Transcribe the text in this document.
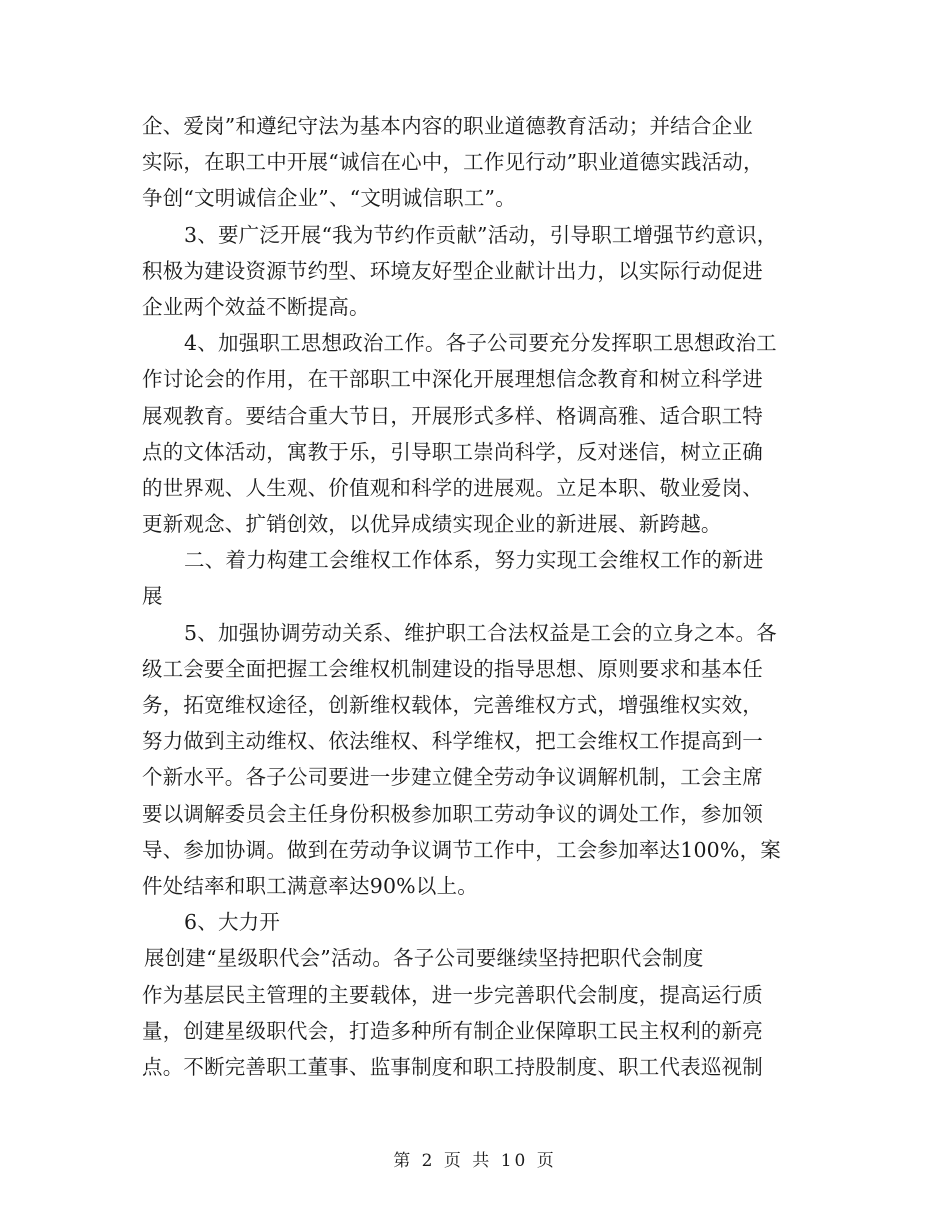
企、爱岗”和遵纪守法为基本内容的职业道德教育活动；并结合企业
实际，在职工中开展“诚信在心中，工作见行动”职业道德实践活动，
争创“文明诚信企业”、“文明诚信职工”。
3、要广泛开展“我为节约作贡献”活动，引导职工增强节约意识，
积极为建设资源节约型、环境友好型企业献计出力，以实际行动促进
企业两个效益不断提高。
4、加强职工思想政治工作。各子公司要充分发挥职工思想政治工
作讨论会的作用，在干部职工中深化开展理想信念教育和树立科学进
展观教育。要结合重大节日，开展形式多样、格调高雅、适合职工特
点的文体活动，寓教于乐，引导职工崇尚科学，反对迷信，树立正确
的世界观、人生观、价值观和科学的进展观。立足本职、敬业爱岗、
更新观念、扩销创效，以优异成绩实现企业的新进展、新跨越。
二、着力构建工会维权工作体系，努力实现工会维权工作的新进
展
5、加强协调劳动关系、维护职工合法权益是工会的立身之本。各
级工会要全面把握工会维权机制建设的指导思想、原则要求和基本任
务，拓宽维权途径，创新维权载体，完善维权方式，增强维权实效，
努力做到主动维权、依法维权、科学维权，把工会维权工作提高到一
个新水平。各子公司要进一步建立健全劳动争议调解机制，工会主席
要以调解委员会主任身份积极参加职工劳动争议的调处工作，参加领
导、参加协调。做到在劳动争议调节工作中，工会参加率达100%，案
件处结率和职工满意率达90%以上。
6、大力开
展创建“星级职代会”活动。各子公司要继续坚持把职代会制度
作为基层民主管理的主要载体，进一步完善职代会制度，提高运行质
量，创建星级职代会，打造多种所有制企业保障职工民主权利的新亮
点。不断完善职工董事、监事制度和职工持股制度、职工代表巡视制
第 2 页 共 10 页
